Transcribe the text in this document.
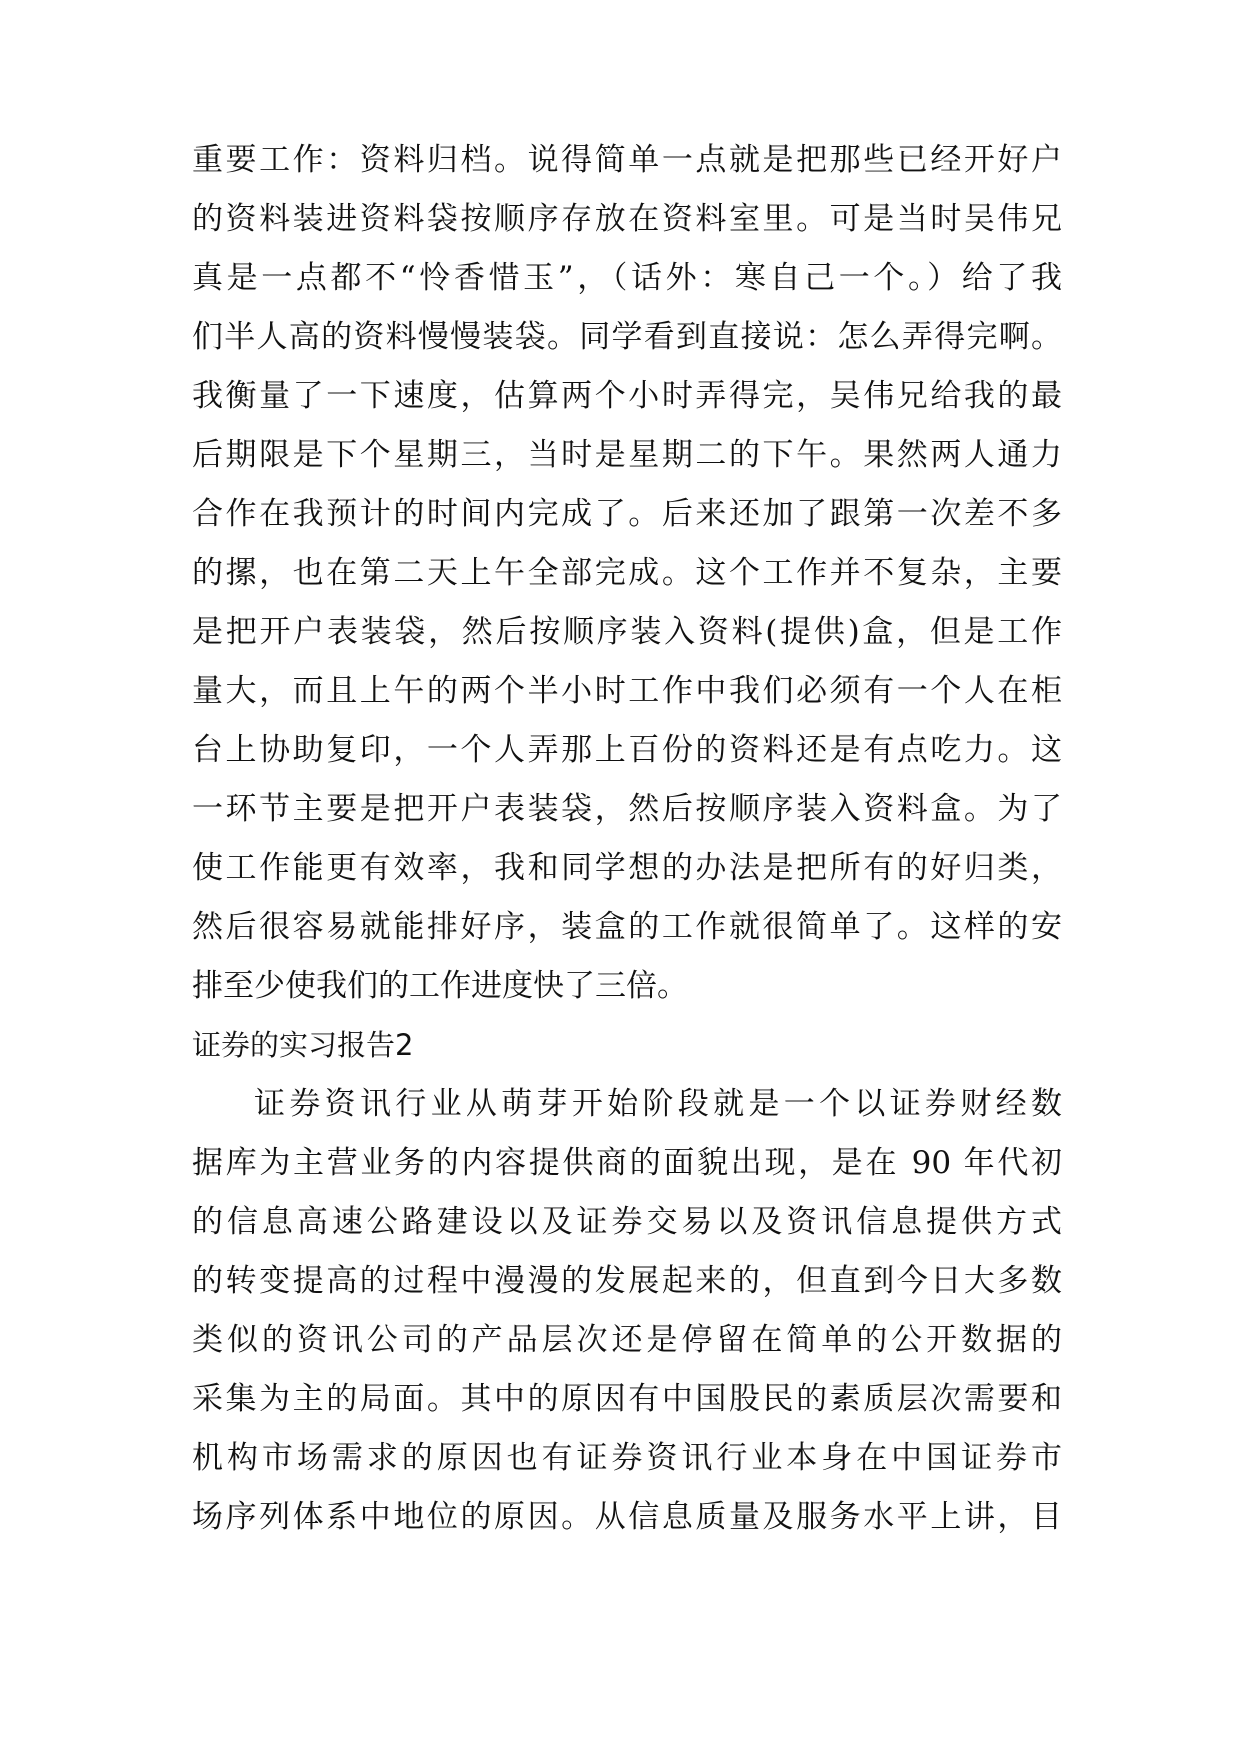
重要工作：资料归档。说得简单一点就是把那些已经开好户
的资料装进资料袋按顺序存放在资料室里。可是当时吴伟兄
真是一点都不“怜香惜玉”，（话外：寒自己一个。）给了我
们半人高的资料慢慢装袋。同学看到直接说：怎么弄得完啊。
我衡量了一下速度，估算两个小时弄得完，吴伟兄给我的最
后期限是下个星期三，当时是星期二的下午。果然两人通力
合作在我预计的时间内完成了。后来还加了跟第一次差不多
的摞，也在第二天上午全部完成。这个工作并不复杂，主要
是把开户表装袋，然后按顺序装入资料(提供)盒，但是工作
量大，而且上午的两个半小时工作中我们必须有一个人在柜
台上协助复印，一个人弄那上百份的资料还是有点吃力。这
一环节主要是把开户表装袋，然后按顺序装入资料盒。为了
使工作能更有效率，我和同学想的办法是把所有的好归类，
然后很容易就能排好序，装盒的工作就很简单了。这样的安
排至少使我们的工作进度快了三倍。
证券的实习报告2
证券资讯行业从萌芽开始阶段就是一个以证券财经数
据库为主营业务的内容提供商的面貌出现，是在 90 年代初
的信息高速公路建设以及证券交易以及资讯信息提供方式
的转变提高的过程中漫漫的发展起来的，但直到今日大多数
类似的资讯公司的产品层次还是停留在简单的公开数据的
采集为主的局面。其中的原因有中国股民的素质层次需要和
机构市场需求的原因也有证券资讯行业本身在中国证券市
场序列体系中地位的原因。从信息质量及服务水平上讲，目
